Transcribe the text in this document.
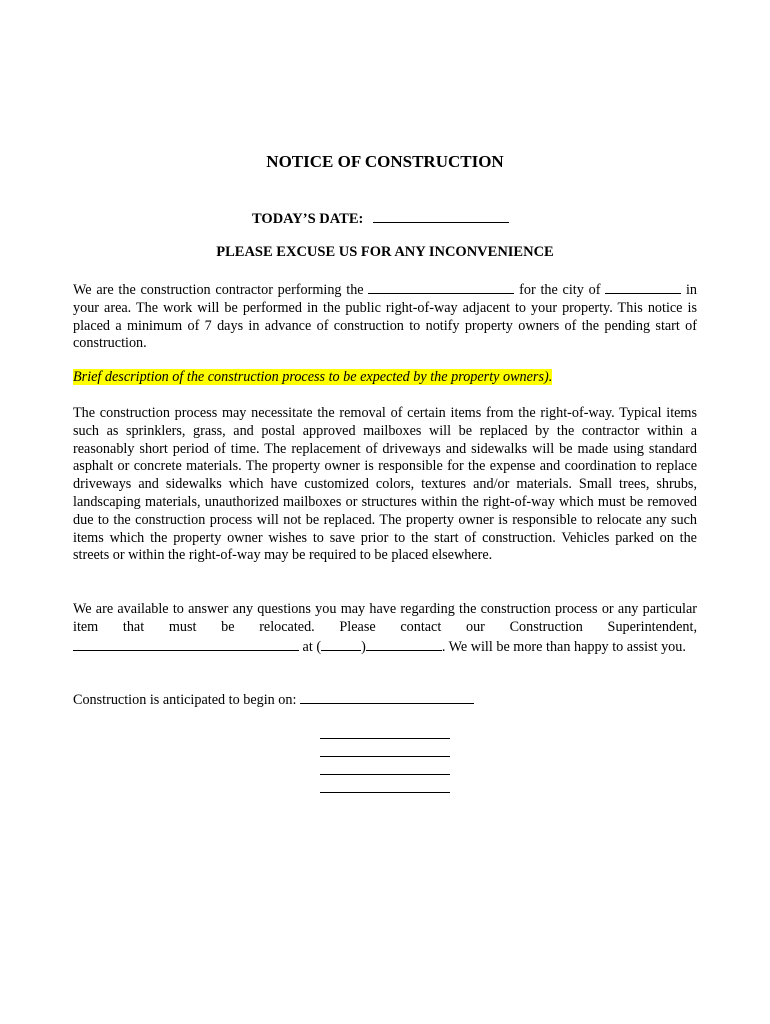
NOTICE OF CONSTRUCTION
TODAY’S DATE:
PLEASE EXCUSE US FOR ANY INCONVENIENCE
We are the construction contractor performing the	for the city of	in your area. The work will be performed in the public right-of-way adjacent to your property. This notice is placed a minimum of 7 days in advance of construction to notify property owners of the pending start of construction.
Brief description of the construction process to be expected by the property owners).
The construction process may necessitate the removal of certain items from the right-of-way. Typical items such as sprinklers, grass, and postal approved mailboxes will be replaced by the contractor within a reasonably short period of time. The replacement of driveways and sidewalks will be made using standard asphalt or concrete materials. The property owner is responsible for the expense and coordination to replace driveways and sidewalks which have customized colors, textures and/or materials. Small trees, shrubs, landscaping materials, unauthorized mailboxes or structures within the right-of-way which must be removed due to the construction process will not be replaced. The property owner is responsible to relocate any such items which the property owner wishes to save prior to the start of construction. Vehicles parked on the streets or within the right-of-way may be required to be placed elsewhere.
We are available to answer any questions you may have regarding the construction process or any particular item that must be relocated. Please contact our Construction Superintendent,  at (	)	. We will be more than happy to assist you.
Construction is anticipated to begin on:
